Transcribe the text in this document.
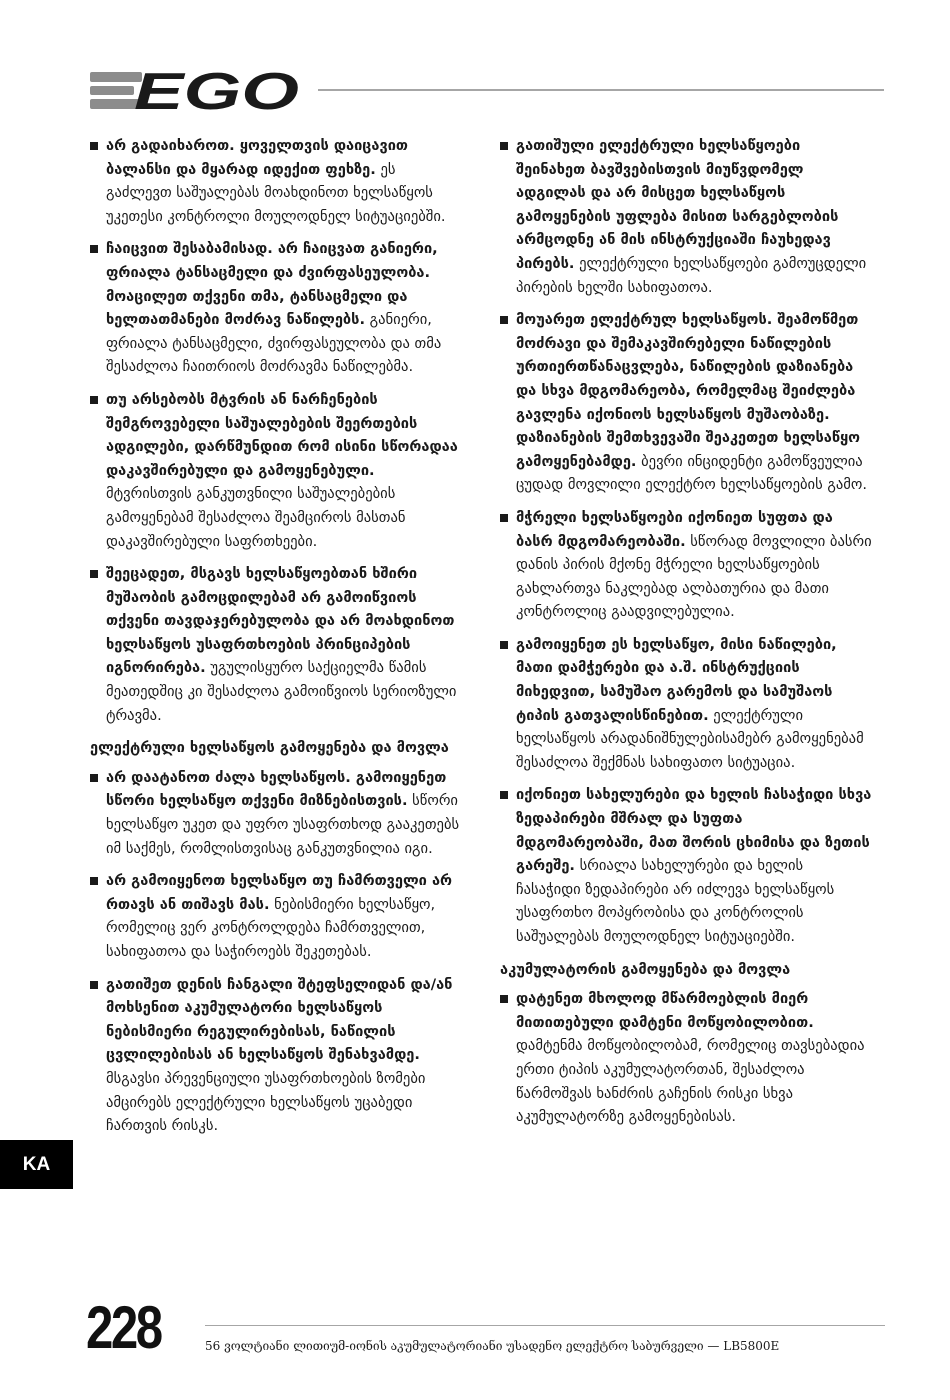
EGO
არ გადაიხაროთ. ყოველთვის დაიცავით ბალანსი და მყარად იდექით ფეხზე. ეს გაძლევთ საშუალებას მოახდინოთ ხელსაწყოს უკეთესი კონტროლი მოულოდნელ სიტუაციებში.
ჩაიცვით შესაბამისად. არ ჩაიცვათ განიერი, ფრიალა ტანსაცმელი და ძვირფასეულობა. მოაცილეთ თქვენი თმა, ტანსაცმელი და ხელთათმანები მოძრავ ნაწილებს. განიერი, ფრიალა ტანსაცმელი, ძვირფასეულობა და თმა შესაძლოა ჩაითრიოს მოძრავმა ნაწილებმა.
თუ არსებობს მტვრის ან ნარჩენების შემგროვებელი საშუალებების შეერთების ადგილები, დარწმუნდით რომ ისინი სწორადაა დაკავშირებული და გამოყენებული. მტვრისთვის განკუთვნილი საშუალებების გამოყენებამ შესაძლოა შეამციროს მასთან დაკავშირებული საფრთხეები.
შეეცადეთ, მსგავს ხელსაწყოებთან ხშირი მუშაობის გამოცდილებამ არ გამოიწვიოს თქვენი თავდაჯერებულობა და არ მოახდინოთ ხელსაწყოს უსაფრთხოების პრინციპების იგნორირება. უგულისყურო საქციელმა წამის მეათედშიც კი შესაძლოა გამოიწვიოს სერიოზული ტრავმა.
ელექტრული ხელსაწყოს გამოყენება და მოვლა
არ დაატანოთ ძალა ხელსაწყოს. გამოიყენეთ სწორი ხელსაწყო თქვენი მიზნებისთვის. სწორი ხელსაწყო უკეთ და უფრო უსაფრთხოდ გააკეთებს იმ საქმეს, რომლისთვისაც განკუთვნილია იგი.
არ გამოიყენოთ ხელსაწყო თუ ჩამრთველი არ რთავს ან თიშავს მას. ნებისმიერი ხელსაწყო, რომელიც ვერ კონტროლდება ჩამრთველით, სახიფათოა და საჭიროებს შეკეთებას.
გათიშეთ დენის ჩანგალი შტეფსელიდან და/ან მოხსენით აკუმულატორი ხელსაწყოს ნებისმიერი რეგულირებისას, ნაწილის ცვლილებისას ან ხელსაწყოს შენახვამდე. მსგავსი პრევენციული უსაფრთხოების ზომები ამცირებს ელექტრული ხელსაწყოს უცაბედი ჩართვის რისკს.
გათიშული ელექტრული ხელსაწყოები შეინახეთ ბავშვებისთვის მიუწვდომელ ადგილას და არ მისცეთ ხელსაწყოს გამოყენების უფლება მისით სარგებლობის არმცოდნე ან მის ინსტრუქციაში ჩაუხედავ პირებს. ელექტრული ხელსაწყოები გამოუცდელი პირების ხელში სახიფათოა.
მოუარეთ ელექტრულ ხელსაწყოს. შეამოწმეთ მოძრავი და შემაკავშირებელი ნაწილების ურთიერთწანაცვლება, ნაწილების დაზიანება და სხვა მდგომარეობა, რომელმაც შეიძლება გავლენა იქონიოს ხელსაწყოს მუშაობაზე. დაზიანების შემთხვევაში შეაკეთეთ ხელსაწყო გამოყენებამდე. ბევრი ინციდენტი გამოწვეულია ცუდად მოვლილი ელექტრო ხელსაწყოების გამო.
მჭრელი ხელსაწყოები იქონიეთ სუფთა და ბასრ მდგომარეობაში. სწორად მოვლილი ბასრი დანის პირის მქონე მჭრელი ხელსაწყოების გახლართვა ნაკლებად ალბათურია და მათი კონტროლიც გაადვილებულია.
გამოიყენეთ ეს ხელსაწყო, მისი ნაწილები, მათი დამჭერები და ა.შ. ინსტრუქციის მიხედვით, სამუშაო გარემოს და სამუშაოს ტიპის გათვალისწინებით. ელექტრული ხელსაწყოს არადანიშნულებისამებრ გამოყენებამ შესაძლოა შექმნას სახიფათო სიტუაცია.
იქონიეთ სახელურები და ხელის ჩასაჭიდი სხვა ზედაპირები მშრალ და სუფთა მდგომარეობაში, მათ შორის ცხიმისა და ზეთის გარეშე. სრიალა სახელურები და ხელის ჩასაჭიდი ზედაპირები არ იძლევა ხელსაწყოს უსაფრთხო მოპყრობისა და კონტროლის საშუალებას მოულოდნელ სიტუაციებში.
აკუმულატორის გამოყენება და მოვლა
დატენეთ მხოლოდ მწარმოებლის მიერ მითითებული დამტენი მოწყობილობით. დამტენმა მოწყობილობამ, რომელიც თავსებადია ერთი ტიპის აკუმულატორთან, შესაძლოა წარმოშვას ხანძრის გაჩენის რისკი სხვა აკუმულატორზე გამოყენებისას.
KA
228	56 ვოლტიანი ლითიუმ-იონის აკუმულატორიანი უსადენო ელექტრო საბურველი — LB5800E
